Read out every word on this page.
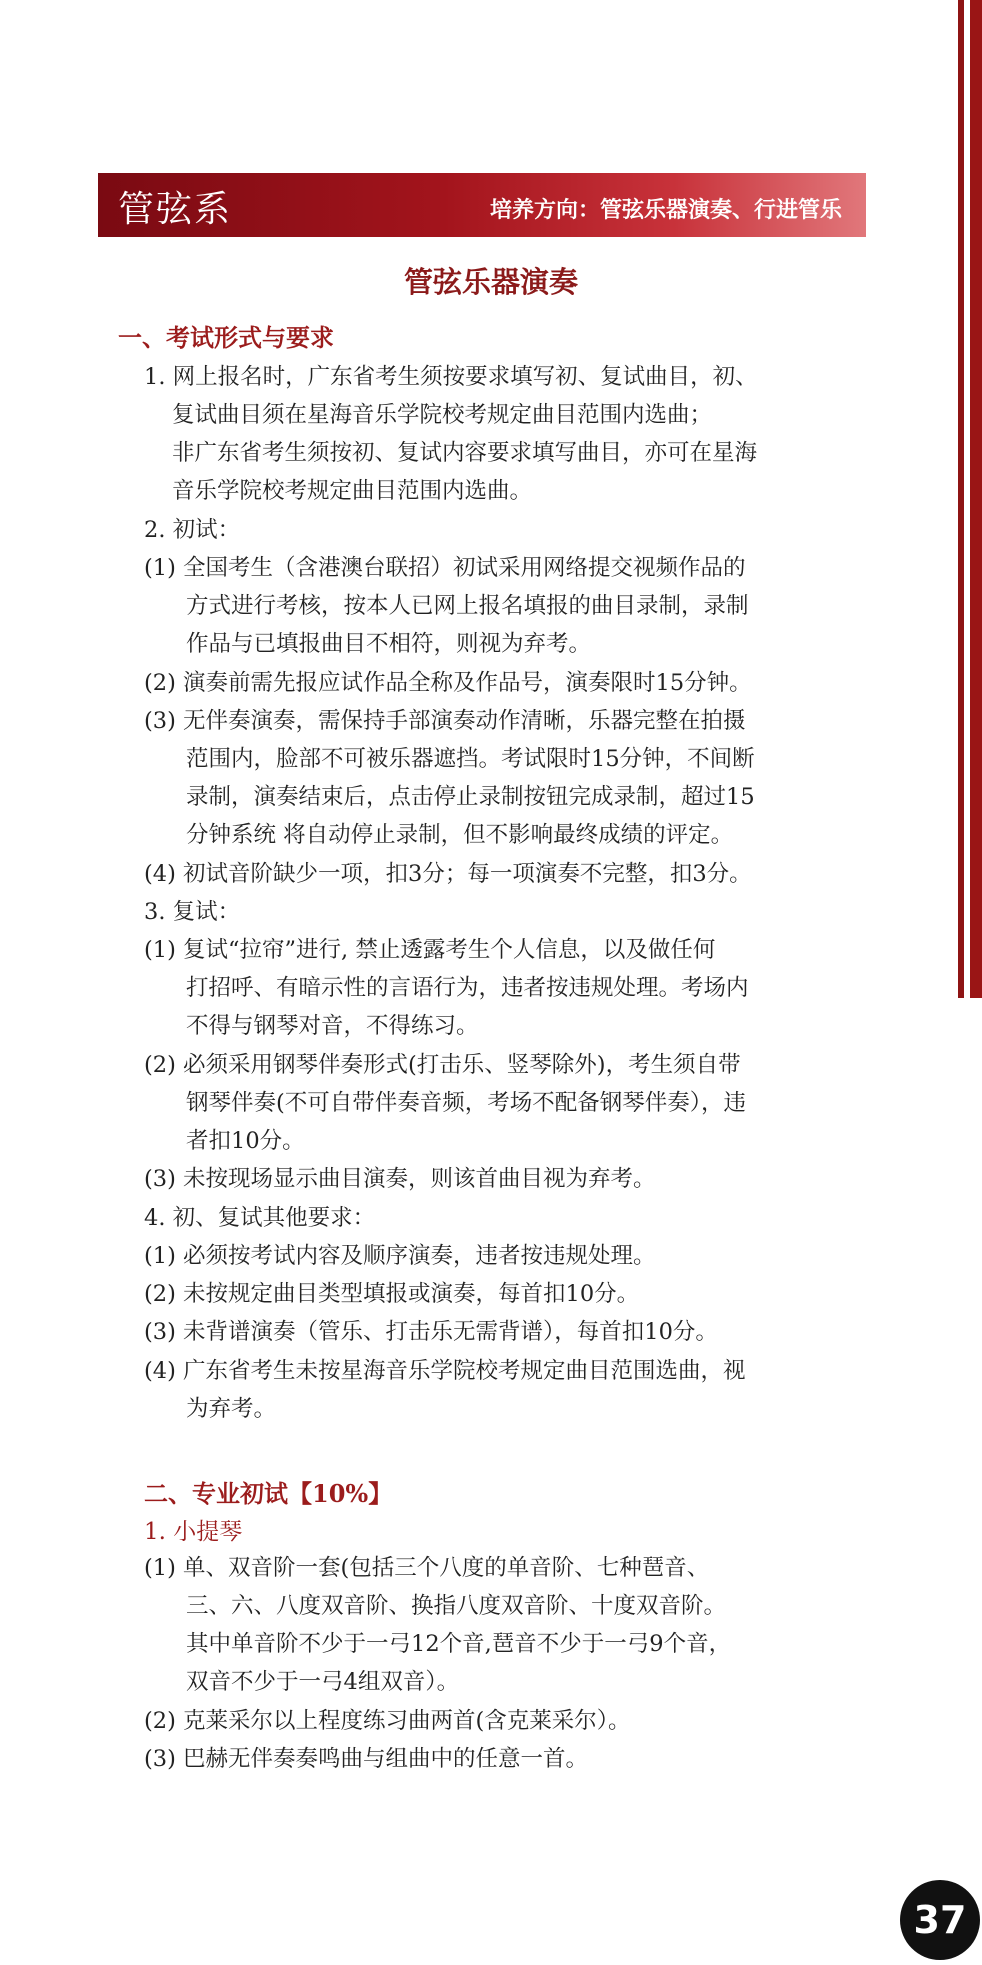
管弦系	培养方向：管弦乐器演奏、行进管乐
管弦乐器演奏
一、考试形式与要求
1. 网上报名时，广东省考生须按要求填写初、复试曲目，初、
复试曲目须在星海音乐学院校考规定曲目范围内选曲；
非广东省考生须按初、复试内容要求填写曲目，亦可在星海
音乐学院校考规定曲目范围内选曲。
2. 初试：
(1) 全国考生（含港澳台联招）初试采用网络提交视频作品的
方式进行考核，按本人已网上报名填报的曲目录制，录制
作品与已填报曲目不相符，则视为弃考。
(2) 演奏前需先报应试作品全称及作品号，演奏限时15分钟。
(3) 无伴奏演奏，需保持手部演奏动作清晰，乐器完整在拍摄
范围内，脸部不可被乐器遮挡。考试限时15分钟，不间断
录制，演奏结束后，点击停止录制按钮完成录制，超过15
分钟系统 将自动停止录制，但不影响最终成绩的评定。
(4) 初试音阶缺少一项，扣3分；每一项演奏不完整，扣3分。
3. 复试：
(1) 复试“拉帘”进行, 禁止透露考生个人信息，以及做任何
打招呼、有暗示性的言语行为，违者按违规处理。考场内
不得与钢琴对音，不得练习。
(2) 必须采用钢琴伴奏形式(打击乐、竖琴除外)，考生须自带
钢琴伴奏(不可自带伴奏音频，考场不配备钢琴伴奏），违
者扣10分。
(3) 未按现场显示曲目演奏，则该首曲目视为弃考。
4. 初、复试其他要求：
(1) 必须按考试内容及顺序演奏，违者按违规处理。
(2) 未按规定曲目类型填报或演奏，每首扣10分。
(3) 未背谱演奏（管乐、打击乐无需背谱），每首扣10分。
(4) 广东省考生未按星海音乐学院校考规定曲目范围选曲，视
为弃考。
二、专业初试【10%】
1. 小提琴
(1) 单、双音阶一套(包括三个八度的单音阶、七种琶音、
三、六、八度双音阶、换指八度双音阶、十度双音阶。
其中单音阶不少于一弓12个音,琶音不少于一弓9个音，
双音不少于一弓4组双音）。
(2) 克莱采尔以上程度练习曲两首(含克莱采尔）。
(3) 巴赫无伴奏奏鸣曲与组曲中的任意一首。
37
